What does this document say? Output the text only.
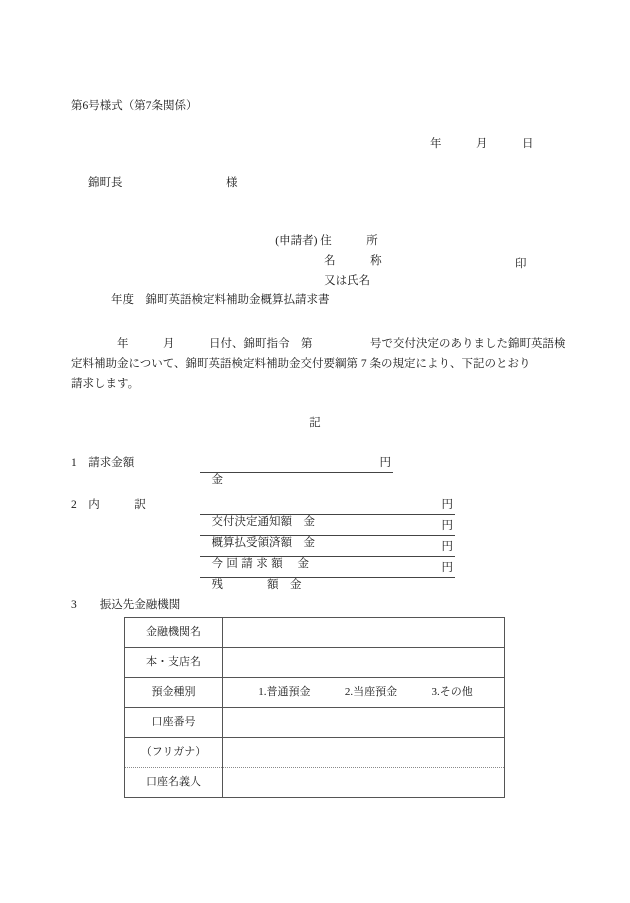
第6号様式（第7条関係）
年　　　月　　　日
錦町長　　　　　　　　　様

(申請者) 住　　　所

　　　　 名　　　称

　　　　 又は氏名

印

年度　錦町英語検定料補助金概算払請求書
　　　　年　　　月　　　日付、錦町指令　第　　　　　号で交付決定のありました錦町英語検
定料補助金について、錦町英語検定料補助金交付要綱第 7 条の規定により、下記のとおり
請求します。
記
1　請求金額

金

円

2　内　　　訳

交付決定通知額　 金

円

概算払受領済額　 金

円

今回請求額　 金

円

残	額　 金

円

3　　振込先金融機関
金融機関名	
本・支店名	
預金種別	1.普通預金 2.当座預金 3.その他

口座番号	
（フリガナ）	
口座名義人	
